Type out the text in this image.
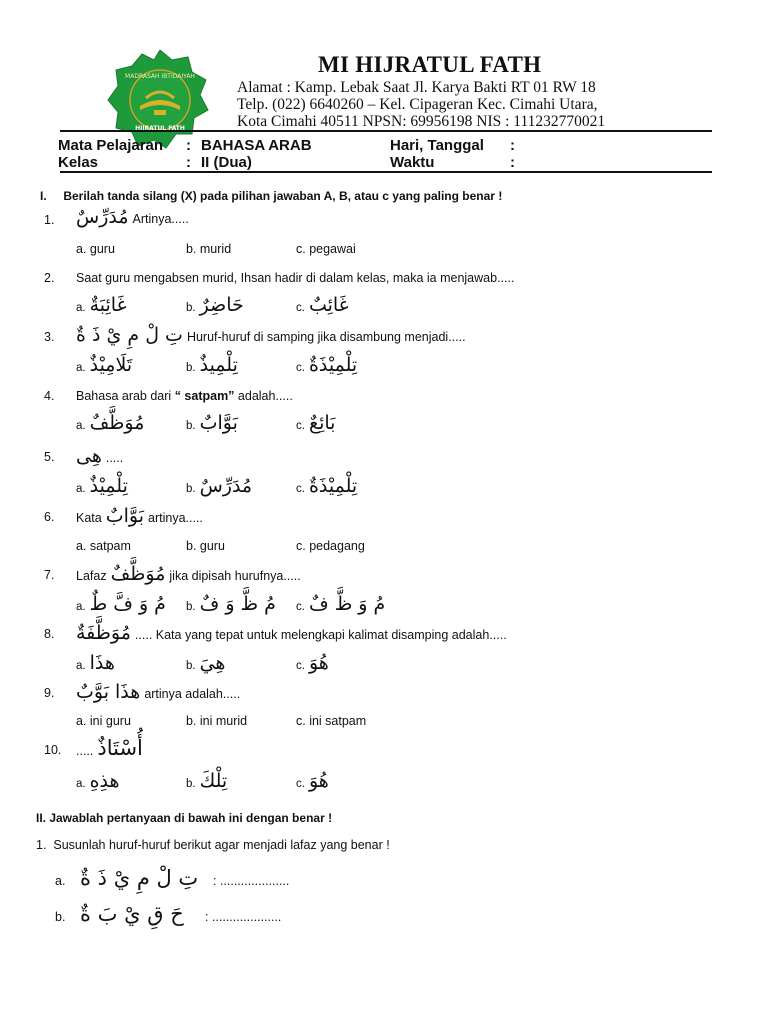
MADRASAH IBTIDAIYAH
HIJRATUL FATH
MI HIJRATUL FATH
Alamat : Kamp. Lebak Saat Jl. Karya Bakti RT 01 RW 18
Telp. (022) 6640260 – Kel. Cipageran Kec. Cimahi Utara,
Kota Cimahi 40511 NPSN: 69956198 NIS : 111232770021
Mata Pelajaran : BAHASA ARAB
Kelas	: II (Dua)
Hari, Tanggal :
Waktu	:
I.     Berilah tanda silang (X) pada pilihan jawaban A, B, atau c yang paling benar !
1. مُدَرِّسٌ Artinya.....
a. guru	b. murid	c. pegawai
2. Saat guru mengabsen murid, Ihsan hadir di dalam kelas, maka ia menjawab.....
a. غَائِبَةٌ	b. حَاضِرٌ	c. غَائِبٌ
3. تِ لْ مِ يْ ذَ ةٌ Huruf-huruf di samping jika disambung menjadi.....
a. تَلَامِيْذٌ	b. تِلْمِيذٌ	c. تِلْمِيْذَةٌ
4. Bahasa arab dari “ satpam” adalah.....
a. مُوَظَّفٌ	b. بَوَّابٌ	c. بَائِعٌ
5. هِى .....
a. تِلْمِيْذٌ	b. مُدَرِّسٌ	c. تِلْمِيْذَةٌ
6. Kata بَوَّابٌ artinya.....
a. satpam	b. guru	c. pedagang
7. Lafaz مُوَظَّفٌ jika dipisah hurufnya.....
a. مُ وَ فَّ طٌ b. مُ ظَّ وَ فٌ c. مُ وَ ظَّ فٌ
8. مُوَظَّفَةٌ ..... Kata yang tepat untuk melengkapi kalimat disamping adalah.....
a. هذَا	b. هِيَ	c. هُوَ
9. هذَا بَوَّبٌ artinya adalah.....
a. ini guru	b. ini murid	c. ini satpam
10. ..... أُسْتَاذٌ
a. هذِهِ	b. تِلْكَ	c. هُوَ
II. Jawablah pertanyaan di bawah ini dengan benar !
1.  Susunlah huruf-huruf berikut agar menjadi lafaz yang benar !
a. تِ لْ مِ يْ ذَ ةٌ : ....................
b. حَ قِ يْ بَ ةٌ : ....................
